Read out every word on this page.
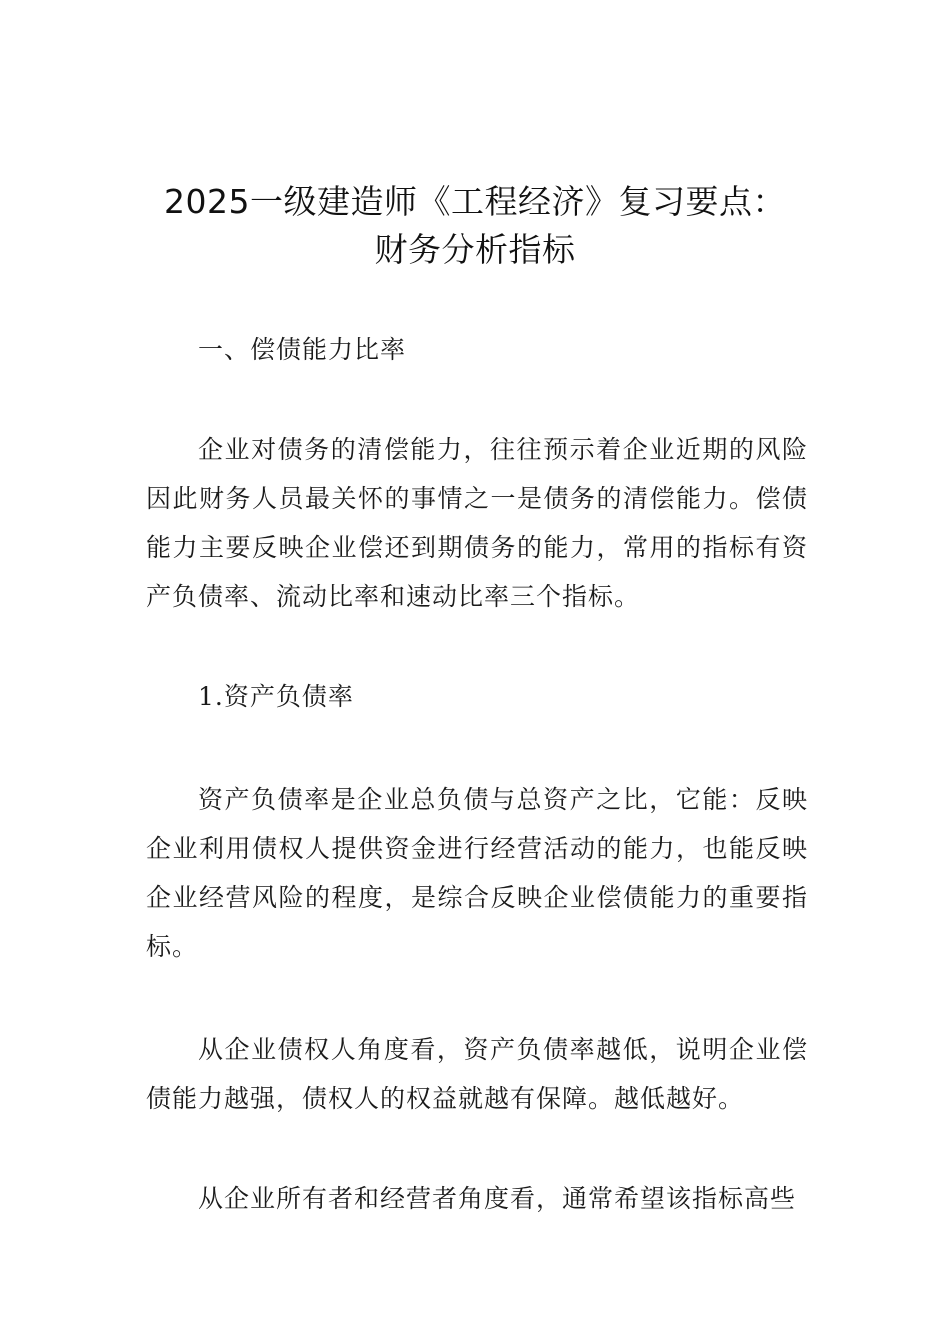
2025一级建造师《工程经济》复习要点：
财务分析指标
一、偿债能力比率
企业对债务的清偿能力，往往预示着企业近期的风险因此财务人员最关怀的事情之一是债务的清偿能力。偿债能力主要反映企业偿还到期债务的能力，常用的指标有资产负债率、流动比率和速动比率三个指标。
1.资产负债率
资产负债率是企业总负债与总资产之比，它能：反映企业利用债权人提供资金进行经营活动的能力，也能反映企业经营风险的程度，是综合反映企业偿债能力的重要指标。
从企业债权人角度看，资产负债率越低，说明企业偿债能力越强，债权人的权益就越有保障。越低越好。
从企业所有者和经营者角度看，通常希望该指标高些
